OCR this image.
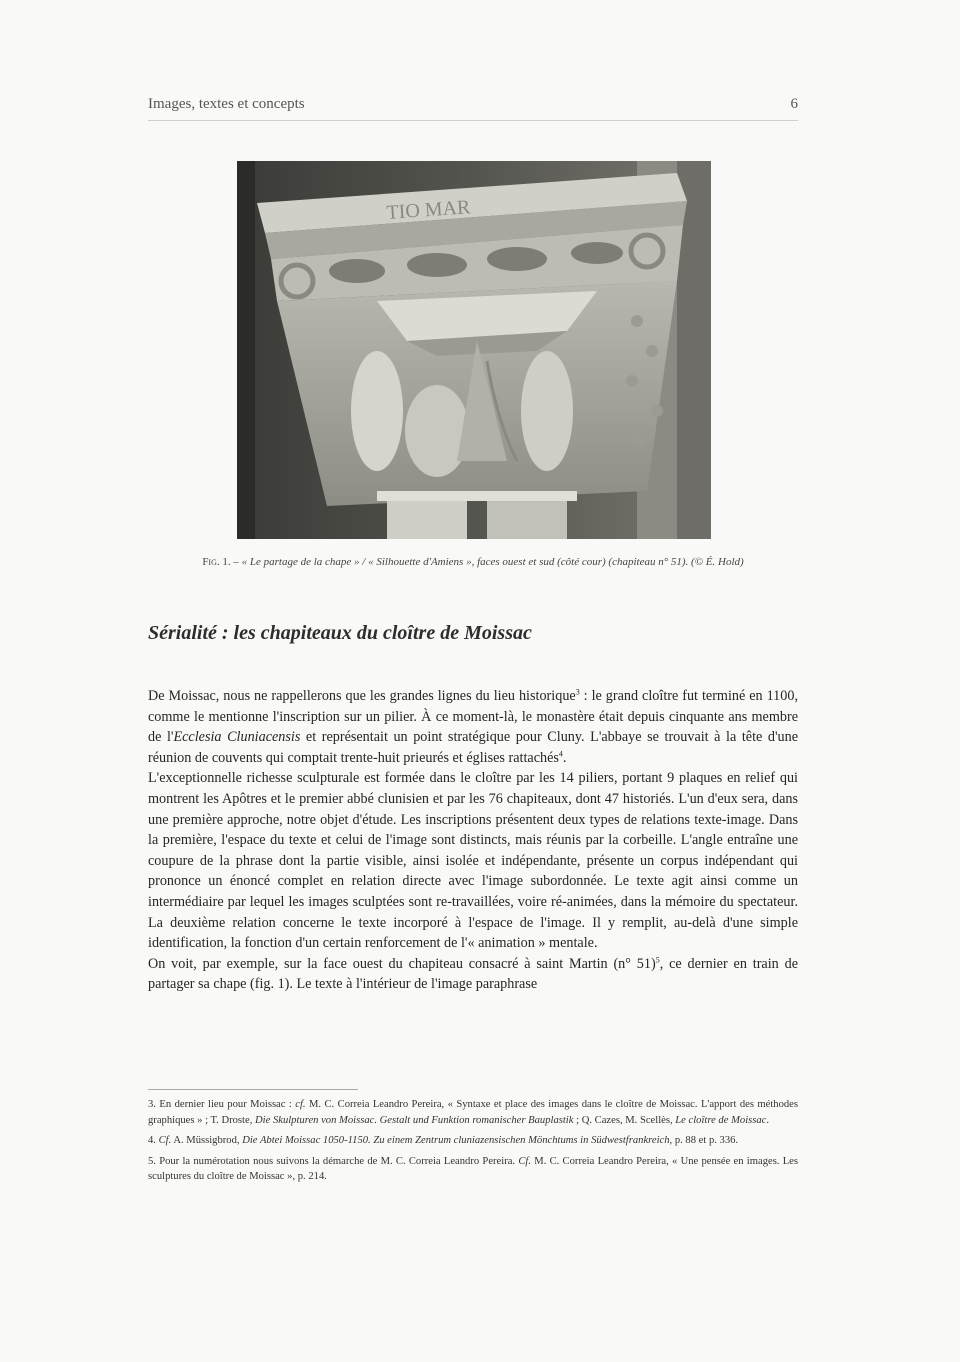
Images, textes et concepts	6
TIO MAR
Fig. 1. – « Le partage de la chape » / « Silhouette d'Amiens », faces ouest et sud (côté cour) (chapiteau n° 51). (© É. Hold)
Sérialité : les chapiteaux du cloître de Moissac

De Moissac, nous ne rappellerons que les grandes lignes du lieu historique$^3$ : le grand cloître fut terminé en 1100, comme le mentionne l'inscription sur un pilier. À ce moment-là, le monastère était depuis cinquante ans membre de l'Ecclesia Cluniacensis et représentait un point stratégique pour Cluny. L'abbaye se trouvait à la tête d'une réunion de couvents qui comptait trente-huit prieurés et églises rattachés$^4$.

L'exceptionnelle richesse sculpturale est formée dans le cloître par les 14 piliers, portant 9 plaques en relief qui montrent les Apôtres et le premier abbé clunisien et par les 76 chapiteaux, dont 47 historiés. L'un d'eux sera, dans une première approche, notre objet d'étude. Les inscriptions présentent deux types de relations texte-image. Dans la première, l'espace du texte et celui de l'image sont distincts, mais réunis par la corbeille. L'angle entraîne une coupure de la phrase dont la partie visible, ainsi isolée et indépendante, présente un corpus indépendant qui prononce un énoncé complet en relation directe avec l'image subordonnée. Le texte agit ainsi comme un intermédiaire par lequel les images sculptées sont re-travaillées, voire ré-animées, dans la mémoire du spectateur. La deuxième relation concerne le texte incorporé à l'espace de l'image. Il y remplit, au-delà d'une simple identification, la fonction d'un certain renforcement de l'« animation » mentale.

On voit, par exemple, sur la face ouest du chapiteau consacré à saint Martin (n° 51)$^5$, ce dernier en train de partager sa chape (fig. 1). Le texte à l'intérieur de l'image paraphrase

3. En dernier lieu pour Moissac : cf. M. C. Correia Leandro Pereira, « Syntaxe et place des images dans le cloître de Moissac. L'apport des méthodes graphiques » ; T. Droste, Die Skulpturen von Moissac. Gestalt und Funktion romanischer Bauplastik ; Q. Cazes, M. Scellès, Le cloître de Moissac.

4. Cf. A. Müssigbrod, Die Abtei Moissac 1050-1150. Zu einem Zentrum cluniazensischen Mönchtums in Südwestfrankreich, p. 88 et p. 336.

5. Pour la numérotation nous suivons la démarche de M. C. Correia Leandro Pereira. Cf. M. C. Correia Leandro Pereira, « Une pensée en images. Les sculptures du cloître de Moissac », p. 214.
